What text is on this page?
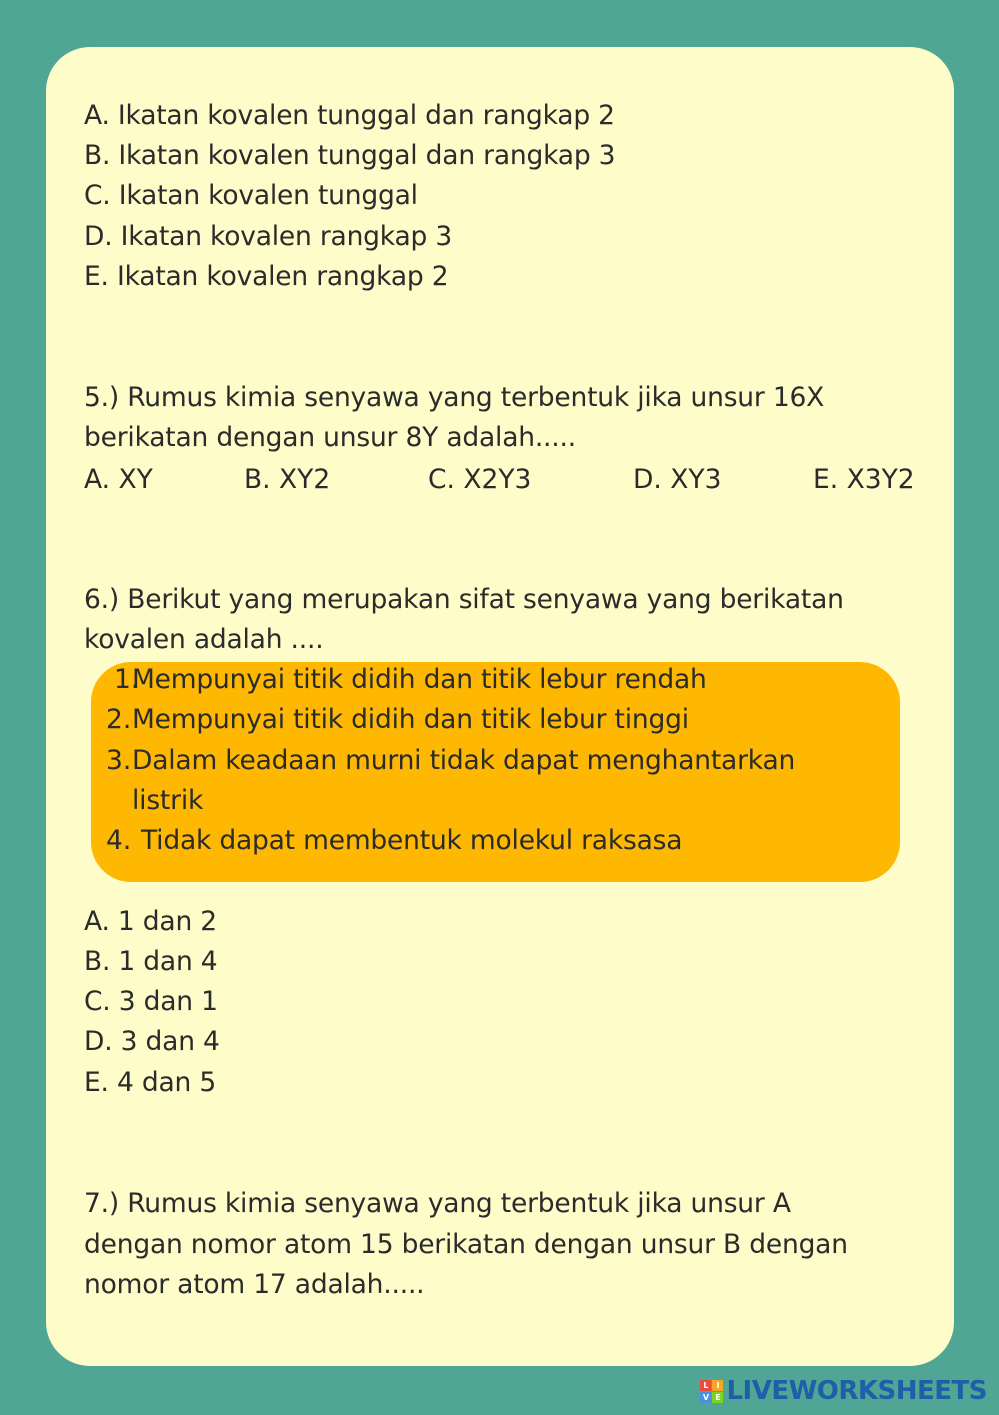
A. Ikatan kovalen tunggal dan rangkap 2

B. Ikatan kovalen tunggal dan rangkap 3

C. Ikatan kovalen tunggal

D. Ikatan kovalen rangkap 3

E. Ikatan kovalen rangkap 2

5.) Rumus kimia senyawa yang terbentuk jika unsur 16X

berikatan dengan unsur 8Y adalah.....

A. XY	B. XY2	C. X2Y3	D. XY3	E. X3Y2

6.) Berikut yang merupakan sifat senyawa yang berikatan

kovalen adalah ....

1.
Mempunyai titik didih dan titik lebur rendah
2. Mempunyai titik didih dan titik lebur tinggi
3. Dalam keadaan murni tidak dapat menghantarkan
listrik
4. Tidak dapat membentuk molekul raksasa

A. 1 dan 2

B. 1 dan 4

C. 3 dan 1

D. 3 dan 4

E. 4 dan 5

7.) Rumus kimia senyawa yang terbentuk jika unsur A

dengan nomor atom 15 berikatan dengan unsur B dengan

nomor atom 17 adalah.....

L I
V E LIVEWORKSHEETS
